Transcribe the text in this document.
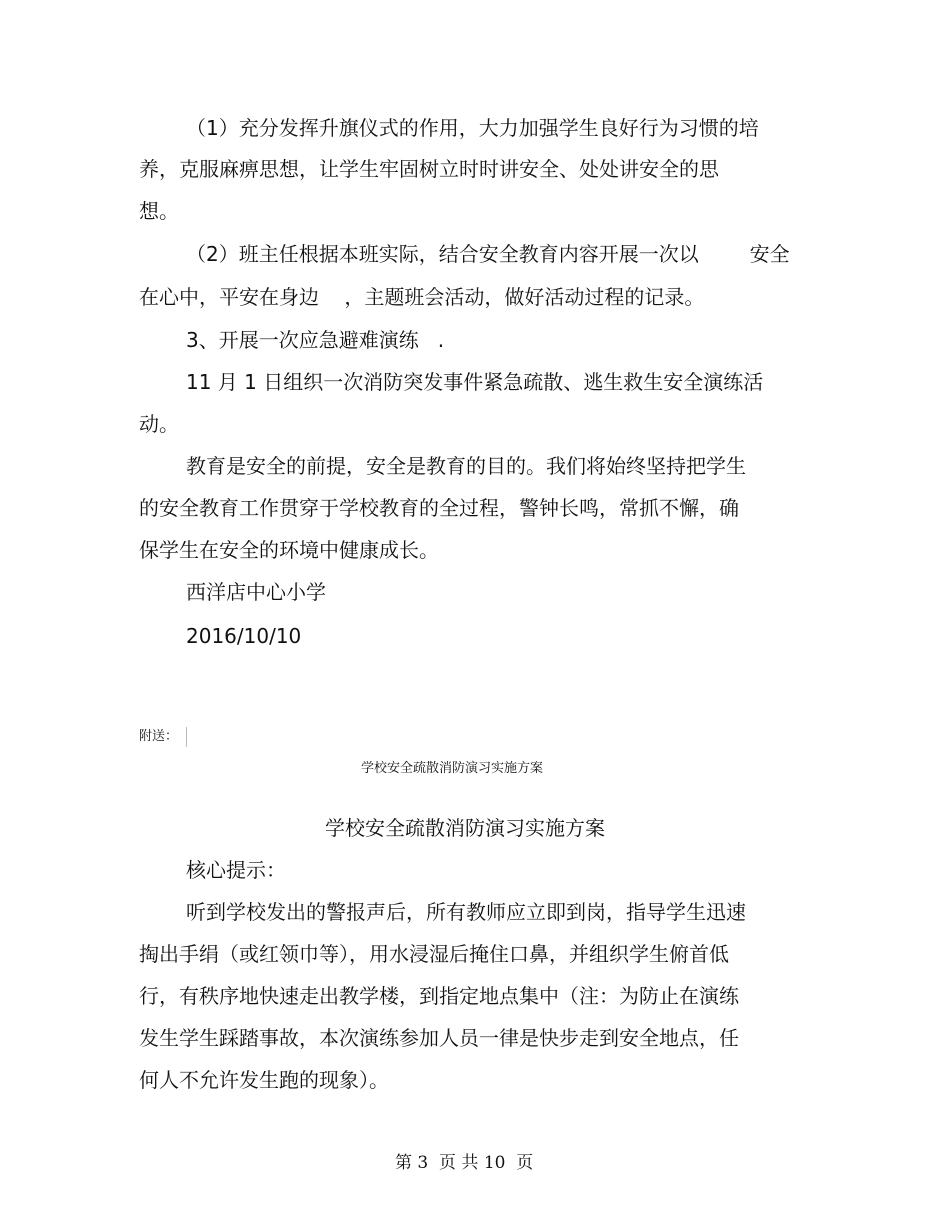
（1）充分发挥升旗仪式的作用，大力加强学生良好行为习惯的培
养，克服麻痹思想，让学生牢固树立时时讲安全、处处讲安全的思
想。
（2）班主任根据本班实际，结合安全教育内容开展一次以        安全
在心中，平安在身边    ，主题班会活动，做好活动过程的记录。
3、开展一次应急避难演练   .
11 月 1 日组织一次消防突发事件紧急疏散、逃生救生安全演练活
动。
教育是安全的前提，安全是教育的目的。我们将始终坚持把学生
的安全教育工作贯穿于学校教育的全过程，警钟长鸣，常抓不懈，确
保学生在安全的环境中健康成长。
西洋店中心小学
2016/10/10
附送：
学校安全疏散消防演习实施方案
学校安全疏散消防演习实施方案
核心提示：
听到学校发出的警报声后，所有教师应立即到岗，指导学生迅速
掏出手绢（或红领巾等），用水浸湿后掩住口鼻，并组织学生俯首低
行，有秩序地快速走出教学楼，到指定地点集中（注：为防止在演练
发生学生踩踏事故，本次演练参加人员一律是快步走到安全地点，任
何人不允许发生跑的现象）。
第 3  页 共 10  页
